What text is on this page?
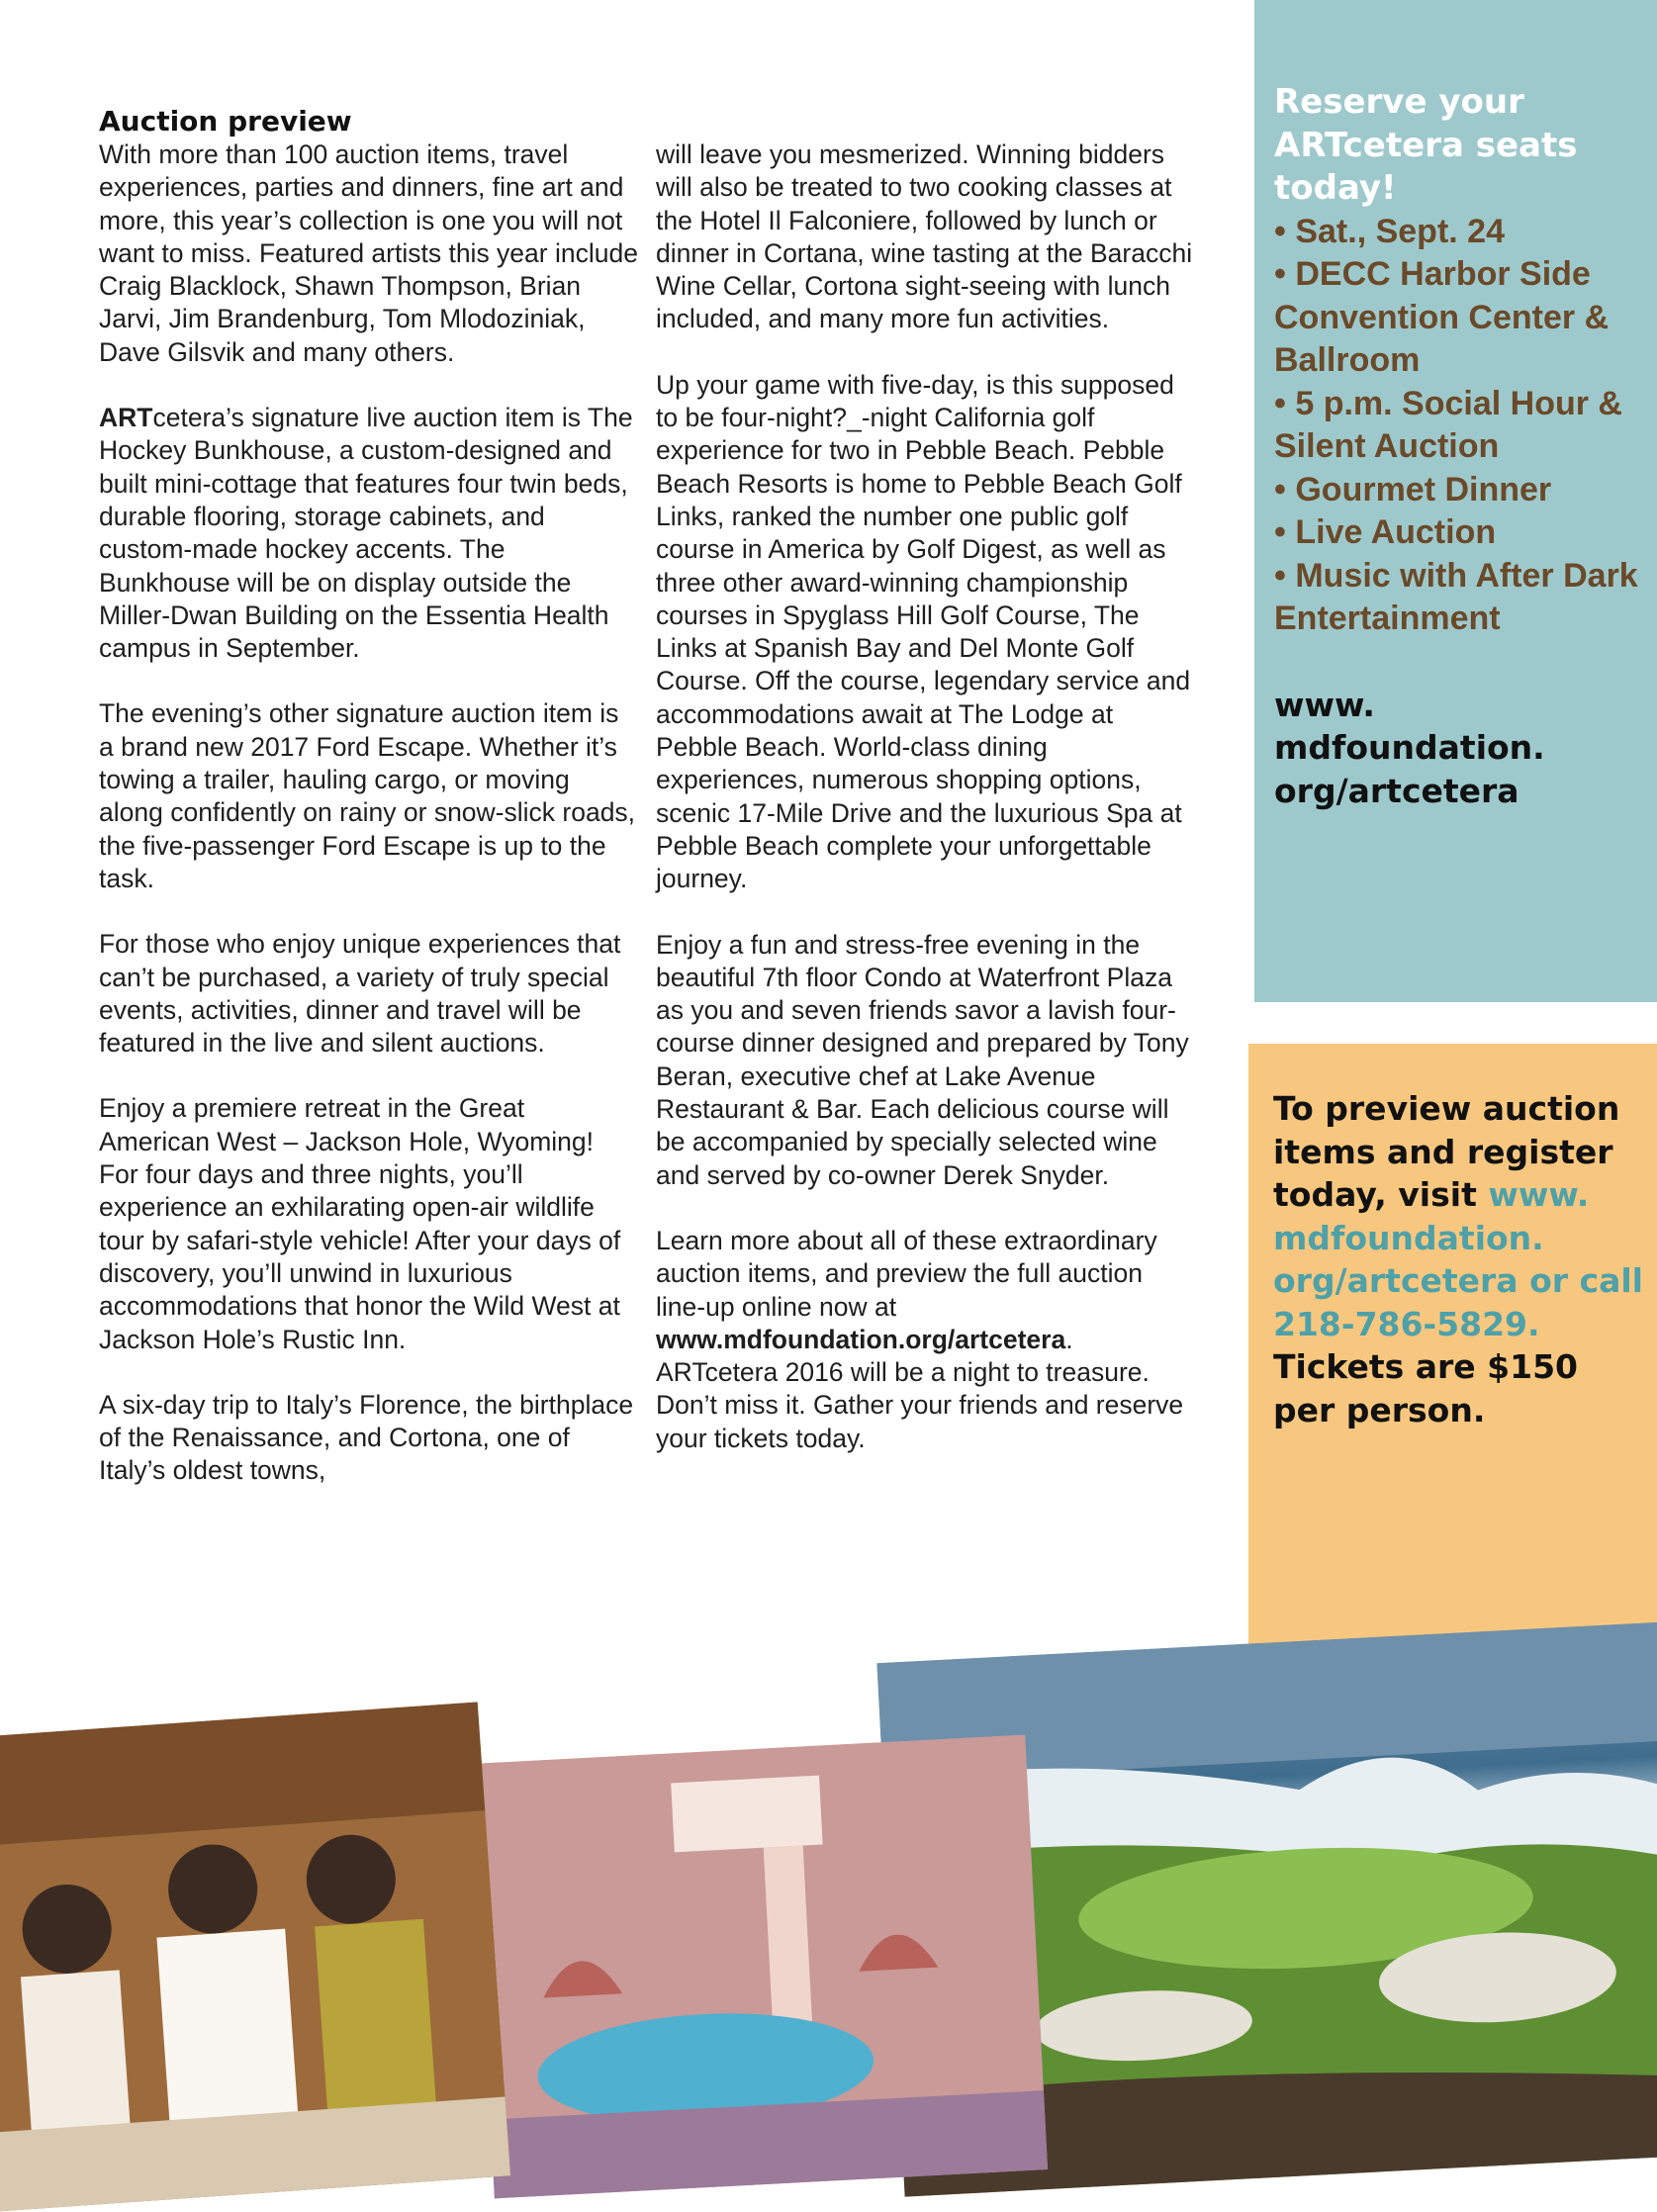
Auction preview

With more than 100 auction items, travel experiences, parties and dinners, fine art and more, this year’s collection is one you will not want to miss. Featured artists this year include Craig Blacklock, Shawn Thompson, Brian Jarvi, Jim Brandenburg, Tom Mlodoziniak, Dave Gilsvik and many others.

ARTcetera’s signature live auction item is The Hockey Bunkhouse, a custom-designed and built mini-cottage that features four twin beds, durable flooring, storage cabinets, and custom-made hockey accents. The Bunkhouse will be on display outside the Miller-Dwan Building on the Essentia Health campus in September.

The evening’s other signature auction item is a brand new 2017 Ford Escape. Whether it’s towing a trailer, hauling cargo, or moving along confidently on rainy or snow-slick roads, the five-passenger Ford Escape is up to the task.

For those who enjoy unique experiences that can’t be purchased, a variety of truly special events, activities, dinner and travel will be featured in the live and silent auctions.

Enjoy a premiere retreat in the Great American West – Jackson Hole, Wyoming! For four days and three nights, you’ll experience an exhilarating open-air wildlife tour by safari-style vehicle! After your days of discovery, you’ll unwind in luxurious accommodations that honor the Wild West at Jackson Hole’s Rustic Inn.

A six-day trip to Italy’s Florence, the birthplace of the Renaissance, and Cortona, one of Italy’s oldest towns,

will leave you mesmerized. Winning bidders will also be treated to two cooking classes at the Hotel Il Falconiere, followed by lunch or dinner in Cortana, wine tasting at the Baracchi Wine Cellar, Cortona sight-seeing with lunch included, and many more fun activities.

Up your game with five-day, is this supposed to be four-night?_-night California golf experience for two in Pebble Beach. Pebble Beach Resorts is home to Pebble Beach Golf Links, ranked the number one public golf course in America by Golf Digest, as well as three other award-winning championship courses in Spyglass Hill Golf Course, The Links at Spanish Bay and Del Monte Golf Course. Off the course, legendary service and accommodations await at The Lodge at Pebble Beach. World-class dining experiences, numerous shopping options, scenic 17-Mile Drive and the luxurious Spa at Pebble Beach complete your unforgettable journey.

Enjoy a fun and stress-free evening in the beautiful 7th floor Condo at Waterfront Plaza as you and seven friends savor a lavish four-course dinner designed and prepared by Tony Beran, executive chef at Lake Avenue Restaurant & Bar. Each delicious course will be accompanied by specially selected wine and served by co-owner Derek Snyder.

Learn more about all of these extraordinary auction items, and preview the full auction line-up online now at www.mdfoundation.org/artcetera. ARTcetera 2016 will be a night to treasure. Don’t miss it. Gather your friends and reserve your tickets today.

Reserve your ARTcetera seats today!
• Sat., Sept. 24
• DECC Harbor Side Convention Center & Ballroom
• 5 p.m. Social Hour & Silent Auction
• Gourmet Dinner
• Live Auction
• Music with After Dark Entertainment
www. mdfoundation. org/artcetera
To preview auction items and register today, visit www. mdfoundation. org/artcetera or call 218-786-5829. Tickets are $150 per person.
